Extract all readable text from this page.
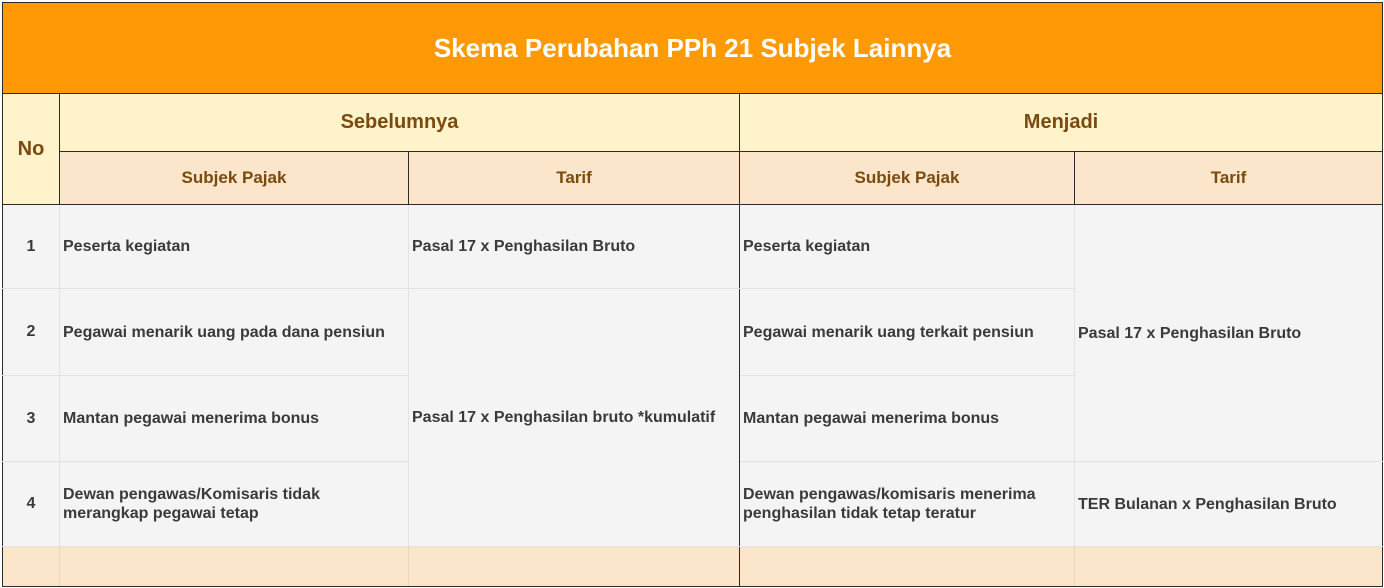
Skema Perubahan PPh 21 Subjek Lainnya				
No	Sebelumnya		Menjadi	
	Subjek Pajak	Tarif	Subjek Pajak	Tarif
1	Peserta kegiatan	Pasal 17 x Penghasilan Bruto	Peserta kegiatan	Pasal 17 x Penghasilan Bruto
2	Pegawai menarik uang pada dana pensiun	Pasal 17 x Penghasilan bruto *kumulatif	Pegawai menarik uang terkait pensiun	
3	Mantan pegawai menerima bonus		Mantan pegawai menerima bonus	
4	Dewan pengawas/Komisaris tidak merangkap pegawai tetap		Dewan pengawas/komisaris menerima penghasilan tidak tetap teratur	TER Bulanan x Penghasilan Bruto
